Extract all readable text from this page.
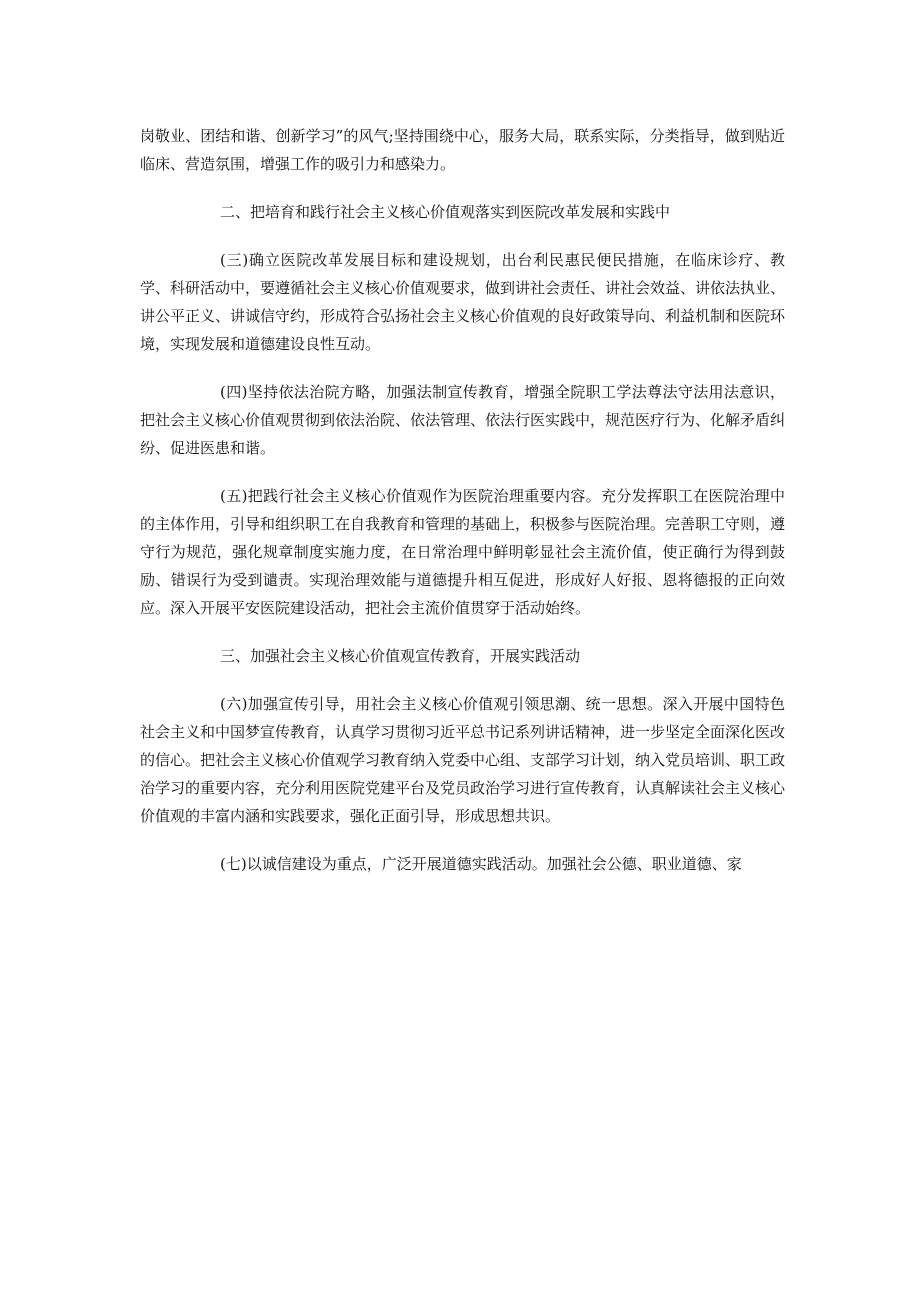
岗敬业、团结和谐、创新学习”的风气;坚持围绕中心，服务大局，联系实际，分类指导，做到贴近临床、营造氛围，增强工作的吸引力和感染力。

二、把培育和践行社会主义核心价值观落实到医院改革发展和实践中

(三)确立医院改革发展目标和建设规划，出台利民惠民便民措施，在临床诊疗、教学、科研活动中，要遵循社会主义核心价值观要求，做到讲社会责任、讲社会效益、讲依法执业、讲公平正义、讲诚信守约，形成符合弘扬社会主义核心价值观的良好政策导向、利益机制和医院环境，实现发展和道德建设良性互动。

(四)坚持依法治院方略，加强法制宣传教育，增强全院职工学法尊法守法用法意识，把社会主义核心价值观贯彻到依法治院、依法管理、依法行医实践中，规范医疗行为、化解矛盾纠纷、促进医患和谐。

(五)把践行社会主义核心价值观作为医院治理重要内容。充分发挥职工在医院治理中的主体作用，引导和组织职工在自我教育和管理的基础上，积极参与医院治理。完善职工守则，遵守行为规范，强化规章制度实施力度，在日常治理中鲜明彰显社会主流价值，使正确行为得到鼓励、错误行为受到谴责。实现治理效能与道德提升相互促进，形成好人好报、恩将德报的正向效应。深入开展平安医院建设活动，把社会主流价值贯穿于活动始终。

三、加强社会主义核心价值观宣传教育，开展实践活动

(六)加强宣传引导，用社会主义核心价值观引领思潮、统一思想。深入开展中国特色社会主义和中国梦宣传教育，认真学习贯彻习近平总书记系列讲话精神，进一步坚定全面深化医改的信心。把社会主义核心价值观学习教育纳入党委中心组、支部学习计划，纳入党员培训、职工政治学习的重要内容，充分利用医院党建平台及党员政治学习进行宣传教育，认真解读社会主义核心价值观的丰富内涵和实践要求，强化正面引导，形成思想共识。

(七)以诚信建设为重点，广泛开展道德实践活动。加强社会公德、职业道德、家
